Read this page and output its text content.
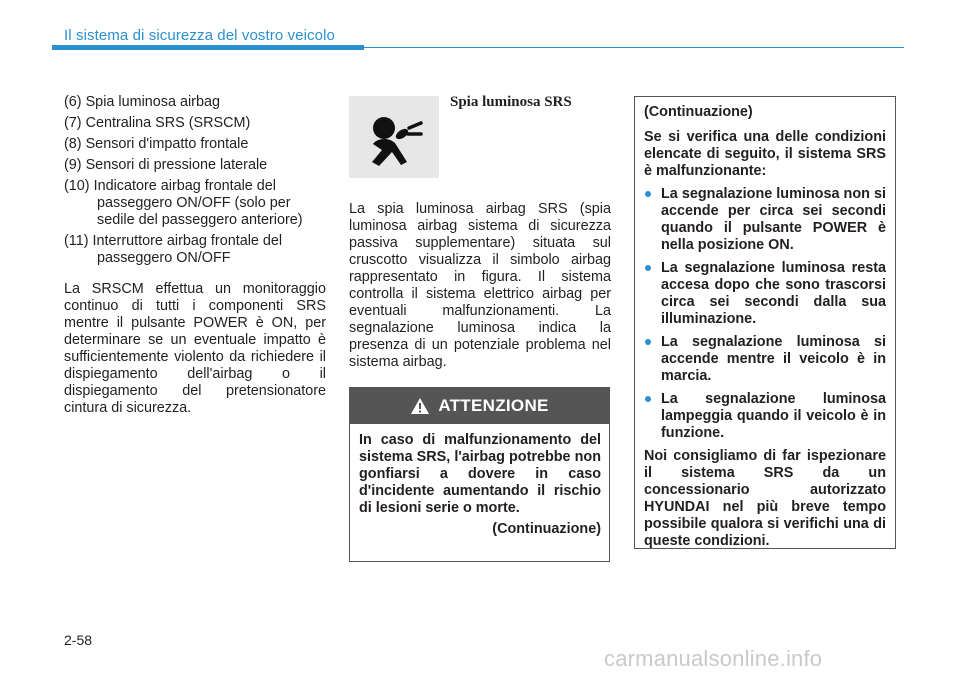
Il sistema di sicurezza del vostro veicolo
(6) Spia luminosa airbag
(7) Centralina SRS (SRSCM)
(8) Sensori d'impatto frontale
(9) Sensori di pressione laterale
(10) Indicatore airbag frontale del passeggero ON/OFF (solo per sedile del passeggero anteriore)
(11) Interruttore airbag frontale del passeggero ON/OFF

La SRSCM effettua un monitoraggio continuo di tutti i componenti SRS mentre il pulsante POWER è ON, per determinare se un eventuale impatto è sufficientemente violento da richiedere il dispiegamento dell'airbag o il dispiegamento del pretensionatore cintura di sicurezza.

Spia luminosa SRS

La spia luminosa airbag SRS (spia luminosa airbag sistema di sicurezza passiva supplementare) situata sul cruscotto visualizza il simbolo airbag rappresentato in figura. Il sistema controlla il sistema elettrico airbag per eventuali malfunzionamenti. La segnalazione luminosa indica la presenza di un potenziale problema nel sistema airbag.

ATTENZIONE
In caso di malfunzionamento del sistema SRS, l'airbag potrebbe non gonfiarsi a dovere in caso d'incidente aumentando il rischio di lesioni serie o morte.
(Continuazione)

(Continuazione)

Se si verifica una delle condizioni elencate di seguito, il sistema SRS è malfunzionante:

La segnalazione luminosa non si accende per circa sei secondi quando il pulsante POWER è nella posizione ON.
La segnalazione luminosa resta accesa dopo che sono trascorsi circa sei secondi dalla sua illuminazione.
La segnalazione luminosa si accende mentre il veicolo è in marcia.
La segnalazione luminosa lampeggia quando il veicolo è in funzione.

Noi consigliamo di far ispezionare il sistema SRS da un concessionario autorizzato HYUNDAI nel più breve tempo possibile qualora si verifichi una di queste condizioni.

2-58
carmanualsonline.info
